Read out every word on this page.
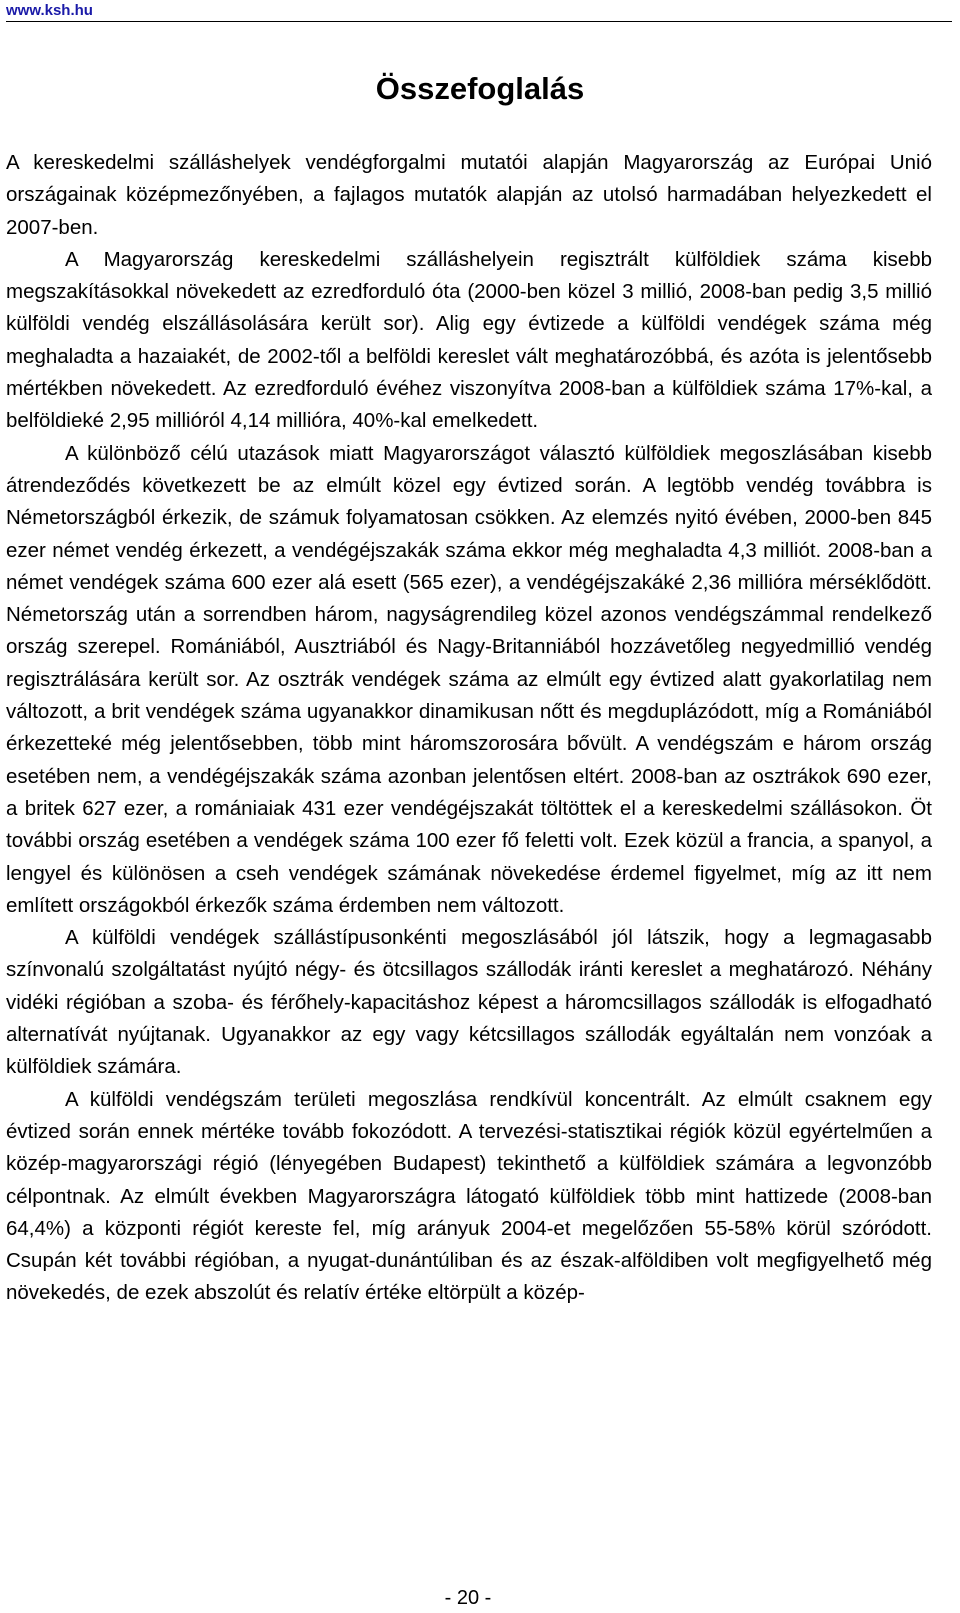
www.ksh.hu
Összefoglalás

A kereskedelmi szálláshelyek vendégforgalmi mutatói alapján Magyarország az Európai Unió országainak középmezőnyében, a fajlagos mutatók alapján az utolsó harmadában helyezkedett el 2007-ben.

A Magyarország kereskedelmi szálláshelyein regisztrált külföldiek száma kisebb megszakításokkal növekedett az ezredforduló óta (2000-ben közel 3 millió, 2008-ban pedig 3,5 millió külföldi vendég elszállásolására került sor). Alig egy évtizede a külföldi vendégek száma még meghaladta a hazaiakét, de 2002-től a belföldi kereslet vált meghatározóbbá, és azóta is jelentősebb mértékben növekedett. Az ezredforduló évéhez viszonyítva 2008-ban a külföldiek száma 17%-kal, a belföldieké 2,95 millióról 4,14 millióra, 40%-kal emelkedett.

A különböző célú utazások miatt Magyarországot választó külföldiek megoszlásában kisebb átrendeződés következett be az elmúlt közel egy évtized során. A legtöbb vendég továbbra is Németországból érkezik, de számuk folyamatosan csökken. Az elemzés nyitó évében, 2000-ben 845 ezer német vendég érkezett, a vendégéjszakák száma ekkor még meghaladta 4,3 milliót. 2008-ban a német vendégek száma 600 ezer alá esett (565 ezer), a vendégéjszakáké 2,36 millióra mérséklődött. Németország után a sorrendben három, nagyságrendileg közel azonos vendégszámmal rendelkező ország szerepel. Romániából, Ausztriából és Nagy-Britanniából hozzávetőleg negyedmillió vendég regisztrálására került sor. Az osztrák vendégek száma az elmúlt egy évtized alatt gyakorlatilag nem változott, a brit vendégek száma ugyanakkor dinamikusan nőtt és megduplázódott, míg a Romániából érkezetteké még jelentősebben, több mint háromszorosára bővült. A vendégszám e három ország esetében nem, a vendégéjszakák száma azonban jelentősen eltért. 2008-ban az osztrákok 690 ezer, a britek 627 ezer, a romániaiak 431 ezer vendégéjszakát töltöttek el a kereskedelmi szállásokon. Öt további ország esetében a vendégek száma 100 ezer fő feletti volt. Ezek közül a francia, a spanyol, a lengyel és különösen a cseh vendégek számának növekedése érdemel figyelmet, míg az itt nem említett országokból érkezők száma érdemben nem változott.

A külföldi vendégek szállástípusonkénti megoszlásából jól látszik, hogy a legmagasabb színvonalú szolgáltatást nyújtó négy- és ötcsillagos szállodák iránti kereslet a meghatározó. Néhány vidéki régióban a szoba- és férőhely-kapacitáshoz képest a háromcsillagos szállodák is elfogadható alternatívát nyújtanak. Ugyanakkor az egy vagy kétcsillagos szállodák egyáltalán nem vonzóak a külföldiek számára.

A külföldi vendégszám területi megoszlása rendkívül koncentrált. Az elmúlt csaknem egy évtized során ennek mértéke tovább fokozódott. A tervezési-statisztikai régiók közül egyértelműen a közép-magyarországi régió (lényegében Budapest) tekinthető a külföldiek számára a legvonzóbb célpontnak. Az elmúlt években Magyarországra látogató külföldiek több mint hattizede (2008-ban 64,4%) a központi régiót kereste fel, míg arányuk 2004-et megelőzően 55-58% körül szóródott. Csupán két további régióban, a nyugat-dunántúliban és az észak-alföldiben volt megfigyelhető még növekedés, de ezek abszolút és relatív értéke eltörpült a közép-

- 20 -
